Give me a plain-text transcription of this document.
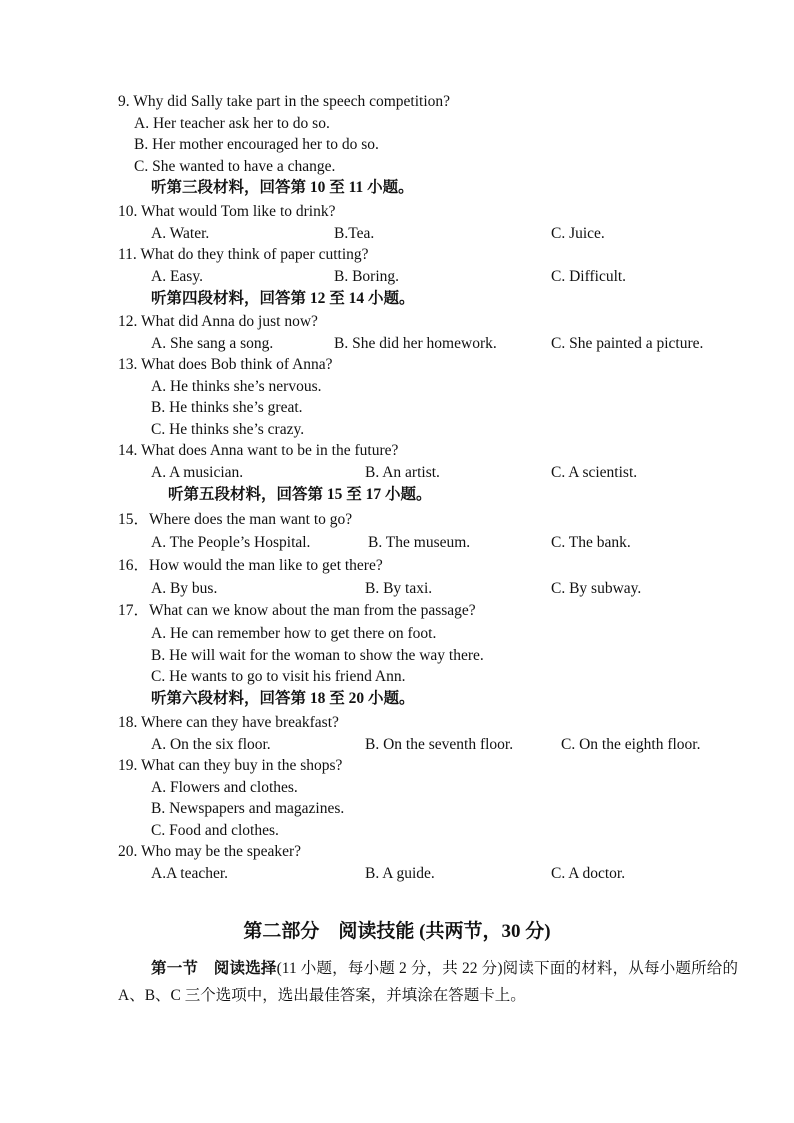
9. Why did Sally take part in the speech competition?
A. Her teacher ask her to do so.
B. Her mother encouraged her to do so.
C. She wanted to have a change.
听第三段材料，回答第 10 至 11 小题。
10. What would Tom like to drink?
A. Water.	B.Tea.	C. Juice.
11. What do they think of paper cutting?
A. Easy.	B. Boring.	C. Difficult.
听第四段材料，回答第 12 至 14 小题。
12. What did Anna do just now?
A. She sang a song.	B. She did her homework.	C. She painted a picture.
13. What does Bob think of Anna?
A. He thinks she’s nervous.
B. He thinks she’s great.
C. He thinks she’s crazy.
14. What does Anna want to be in the future?
A. A musician.	B. An artist.	C. A scientist.
听第五段材料，回答第 15 至 17 小题。
15．Where does the man want to go?
A. The People’s Hospital.	B. The museum.	C. The bank.
16．How would the man like to get there?
A. By bus.	B. By taxi.	C. By subway.
17．What can we know about the man from the passage?
A. He can remember how to get there on foot.
B. He will wait for the woman to show the way there.
C. He wants to go to visit his friend Ann.
听第六段材料，回答第 18 至 20 小题。
18. Where can they have breakfast?
A. On the six floor.	B. On the seventh floor.	C. On the eighth floor.
19. What can they buy in the shops?
A. Flowers and clothes.
B. Newspapers and magazines.
C. Food and clothes.
20. Who may be the speaker?
A.A teacher.	B. A guide.	C. A doctor.
第二部分　阅读技能 (共两节，30 分)
第一节　阅读选择(11 小题，每小题 2 分，共 22 分)阅读下面的材料，从每小题所给的 A、B、C 三个选项中，选出最佳答案，并填涂在答题卡上。
